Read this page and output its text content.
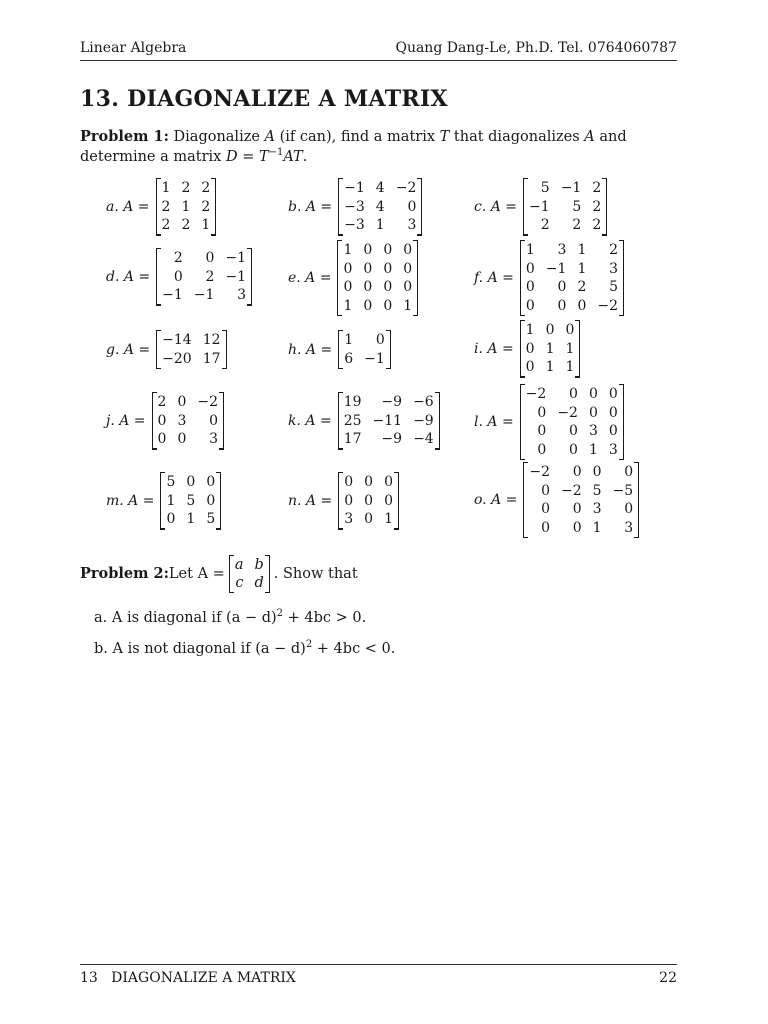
Linear Algebra	Quang Dang-Le, Ph.D. Tel. 0764060787
13. DIAGONALIZE A MATRIX
Problem 1: Diagonalize A (if can), find a matrix T that diagonalizes A and determine a matrix $D = T^{-1}AT$.
a. A =
1 2 2
2 1 2
2 2 1
b. A =
−1 4 −2
−3 4	0
−3 1	3
c. A =
5 −1 2
−1	5 2
2	2 2
d. A =
2	0 −1
0	2 −1
−1 −1	3
e. A =
1 0 0 0
0 0 0 0
0 0 0 0
1 0 0 1
f. A =
1	3 1	2
0 −1 1	3
0	0 2	5
0	0 0 −2
g. A =
−14 12
−20 17
h. A =
1	0
6 −1
i. A =
1 0 0
0 1 1
0 1 1
j. A =
2 0 −2
0 3	0
0 0	3
k. A =
19	−9 −6
25 −11 −9
17	−9 −4
l. A =
−2	0 0 0
0 −2 0 0
0	0 3 0
0	0 1 3
m. A =
5 0 0
1 5 0
0 1 5
n. A =
0 0 0
0 0 0
3 0 1
o. A =
−2	0 0	0
0 −2 5 −5
0	0 3	0
0	0 1	3
Problem 2: Let A =
a b
c d
. Show that
a. A is diagonal if $(a - d)^2 + 4bc > 0$.
b. A is not diagonal if $(a - d)^2 + 4bc < 0$.
13   DIAGONALIZE A MATRIX	22
